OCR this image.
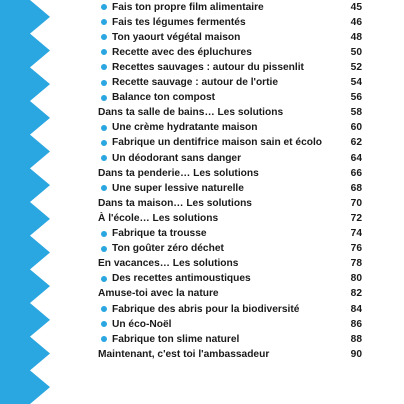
Fais ton propre film alimentaire	45
Fais tes légumes fermentés	46
Ton yaourt végétal maison	48
Recette avec des épluchures	50
Recettes sauvages : autour du pissenlit	52
Recette sauvage : autour de l'ortie	54
Balance ton compost	56
Dans ta salle de bains… Les solutions	58
Une crème hydratante maison	60
Fabrique un dentifrice maison sain et écolo	62
Un déodorant sans danger	64
Dans ta penderie… Les solutions	66
Une super lessive naturelle	68
Dans ta maison… Les solutions	70
À l'école… Les solutions	72
Fabrique ta trousse	74
Ton goûter zéro déchet	76
En vacances… Les solutions	78
Des recettes antimoustiques	80
Amuse-toi avec la nature	82
Fabrique des abris pour la biodiversité	84
Un éco-Noël	86
Fabrique ton slime naturel	88
Maintenant, c'est toi l'ambassadeur	90
